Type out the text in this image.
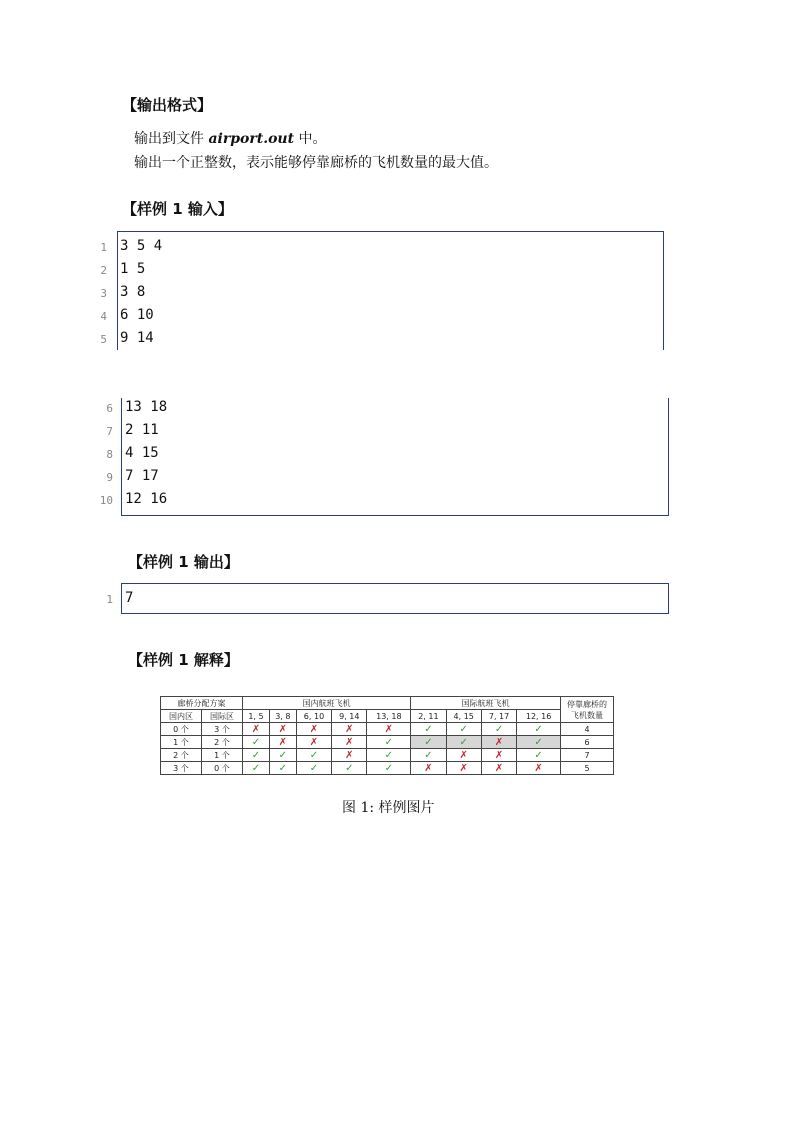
【输出格式】
输出到文件 airport.out 中。
输出一个正整数，表示能够停靠廊桥的飞机数量的最大值。
【样例 1 输入】
1 3 5 4
2 1 5
3 3 8
4 6 10
5 9 14
6 13 18
7 2 11
8 4 15
9 7 17
10 12 16
【样例 1 输出】
1 7
【样例 1 解释】
廊桥分配方案		国内航班飞机					国际航班飞机				停靠廊桥的
飞机数量

国内区	国际区	1, 5	3, 8	6, 10	9, 14	13, 18	2, 11	4, 15	7, 17	12, 16	
0 个	3 个	✗	✗	✗	✗	✗	✓	✓	✓	✓	4
1 个	2 个	✓	✗	✗	✗	✓	✓	✓	✗	✓	6
2 个	1 个	✓	✓	✓	✗	✓	✓	✗	✗	✓	7
3 个	0 个	✓	✓	✓	✓	✓	✗	✗	✗	✗	5
图 1: 样例图片
